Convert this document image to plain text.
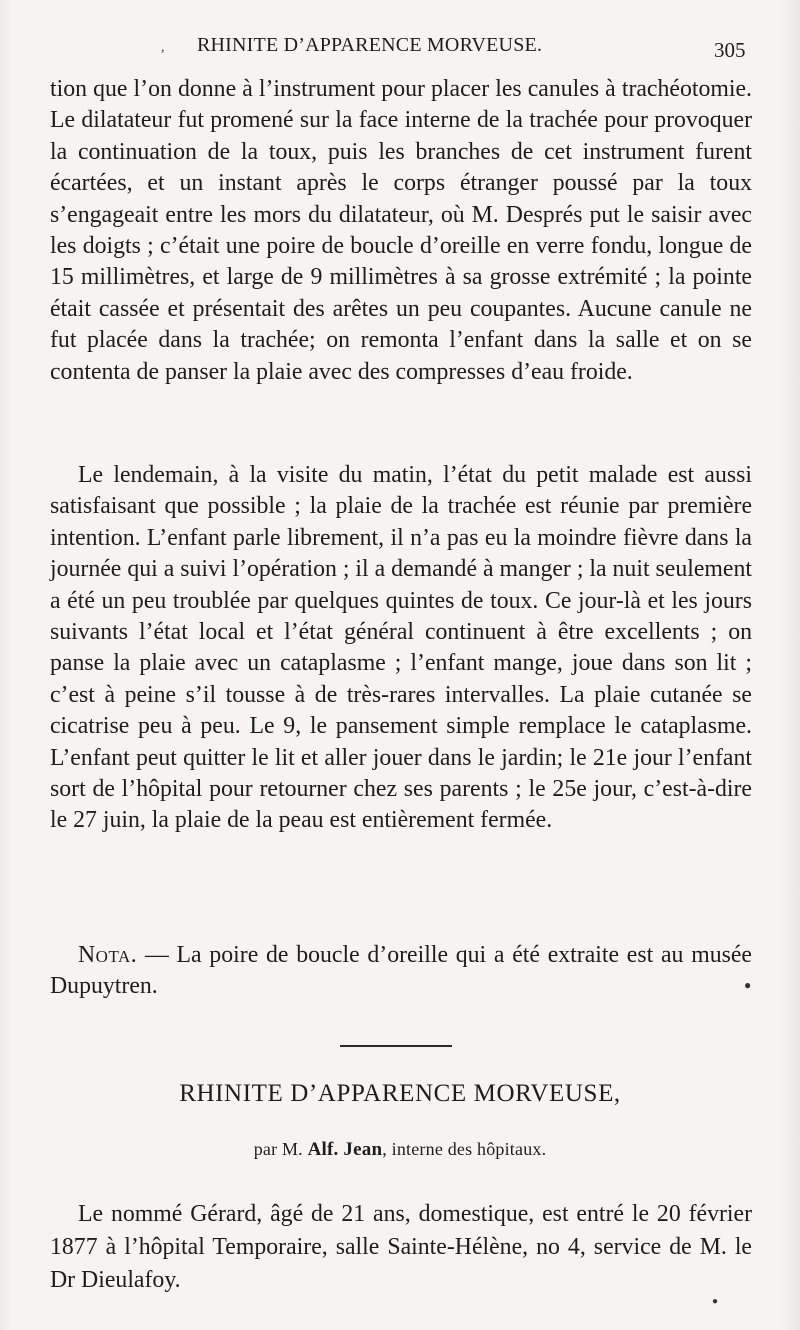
RHINITE D’APPARENCE MORVEUSE.	305
,

tion que l’on donne à l’instrument pour placer les canules à trachéotomie. Le dilatateur fut promené sur la face interne de la trachée pour provoquer la continuation de la toux, puis les branches de cet instrument furent écartées, et un instant après le corps étranger poussé par la toux s’engageait entre les mors du dilatateur, où M. Després put le saisir avec les doigts ; c’était une poire de boucle d’oreille en verre fondu, longue de 15 millimètres, et large de 9 millimètres à sa grosse extrémité ; la pointe était cassée et présentait des arêtes un peu coupantes. Aucune canule ne fut placée dans la trachée; on remonta l’enfant dans la salle et on se contenta de panser la plaie avec des compresses d’eau froide.

Le lendemain, à la visite du matin, l’état du petit malade est aussi satisfaisant que possible ; la plaie de la trachée est réunie par première intention. L’enfant parle librement, il n’a pas eu la moindre fièvre dans la journée qui a suivi l’opération ; il a demandé à manger ; la nuit seulement a été un peu troublée par quelques quintes de toux. Ce jour-là et les jours suivants l’état local et l’état général continuent à être excellents ; on panse la plaie avec un cataplasme ; l’enfant mange, joue dans son lit ; c’est à peine s’il tousse à de très-rares intervalles. La plaie cutanée se cicatrise peu à peu. Le 9, le pansement simple remplace le cataplasme. L’enfant peut quitter le lit et aller jouer dans le jardin; le 21e jour l’enfant sort de l’hôpital pour retourner chez ses parents ; le 25e jour, c’est-à-dire le 27 juin, la plaie de la peau est entièrement fermée.

Nota. — La poire de boucle d’oreille qui a été extraite est au musée Dupuytren.	●
RHINITE D’APPARENCE MORVEUSE,
par M. Alf. Jean, interne des hôpitaux.

Le nommé Gérard, âgé de 21 ans, domestique, est entré le 20 février 1877 à l’hôpital Temporaire, salle Sainte-Hélène, no 4, service de M. le Dr Dieulafoy.

●
